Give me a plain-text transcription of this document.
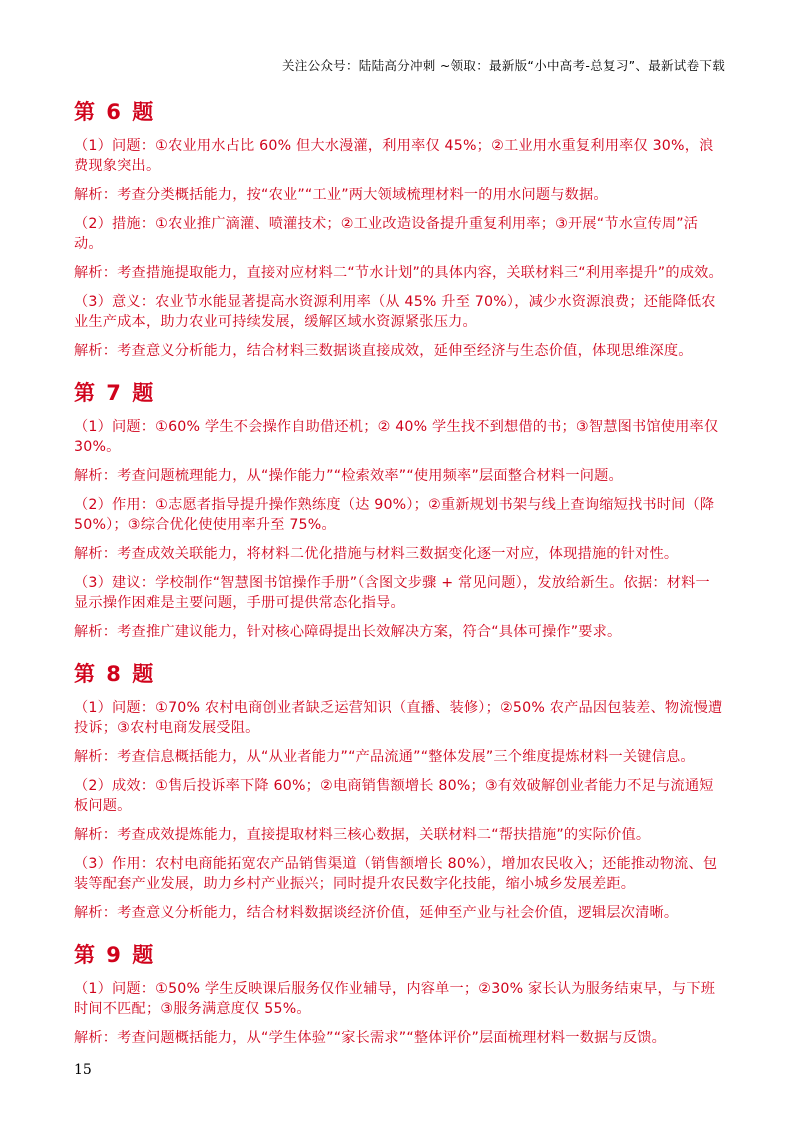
关注公众号：陆陆高分冲刺 ~领取：最新版“小中高考-总复习”、最新试卷下载
第 6 题

（1）问题：①农业用水占比 60% 但大水漫灌，利用率仅 45%；②工业用水重复利用率仅 30%，浪费现象突出。

解析：考查分类概括能力，按“农业”“工业”两大领域梳理材料一的用水问题与数据。

（2）措施：①农业推广滴灌、喷灌技术；②工业改造设备提升重复利用率；③开展“节水宣传周”活动。

解析：考查措施提取能力，直接对应材料二“节水计划”的具体内容，关联材料三“利用率提升”的成效。

（3）意义：农业节水能显著提高水资源利用率（从 45% 升至 70%），减少水资源浪费；还能降低农业生产成本，助力农业可持续发展，缓解区域水资源紧张压力。

解析：考查意义分析能力，结合材料三数据谈直接成效，延伸至经济与生态价值，体现思维深度。

第 7 题

（1）问题：①60% 学生不会操作自助借还机；② 40% 学生找不到想借的书；③智慧图书馆使用率仅 30%。

解析：考查问题梳理能力，从“操作能力”“检索效率”“使用频率”层面整合材料一问题。

（2）作用：①志愿者指导提升操作熟练度（达 90%）；②重新规划书架与线上查询缩短找书时间（降 50%）；③综合优化使使用率升至 75%。

解析：考查成效关联能力，将材料二优化措施与材料三数据变化逐一对应，体现措施的针对性。

（3）建议：学校制作“智慧图书馆操作手册”（含图文步骤 + 常见问题），发放给新生。依据：材料一显示操作困难是主要问题，手册可提供常态化指导。

解析：考查推广建议能力，针对核心障碍提出长效解决方案，符合“具体可操作”要求。

第 8 题

（1）问题：①70% 农村电商创业者缺乏运营知识（直播、装修）；②50% 农产品因包装差、物流慢遭投诉；③农村电商发展受阻。

解析：考查信息概括能力，从“从业者能力”“产品流通”“整体发展”三个维度提炼材料一关键信息。

（2）成效：①售后投诉率下降 60%；②电商销售额增长 80%；③有效破解创业者能力不足与流通短板问题。

解析：考查成效提炼能力，直接提取材料三核心数据，关联材料二“帮扶措施”的实际价值。

（3）作用：农村电商能拓宽农产品销售渠道（销售额增长 80%），增加农民收入；还能推动物流、包装等配套产业发展，助力乡村产业振兴；同时提升农民数字化技能，缩小城乡发展差距。

解析：考查意义分析能力，结合材料数据谈经济价值，延伸至产业与社会价值，逻辑层次清晰。

第 9 题

（1）问题：①50% 学生反映课后服务仅作业辅导，内容单一；②30% 家长认为服务结束早，与下班时间不匹配；③服务满意度仅 55%。

解析：考查问题概括能力，从“学生体验”“家长需求”“整体评价”层面梳理材料一数据与反馈。

15
